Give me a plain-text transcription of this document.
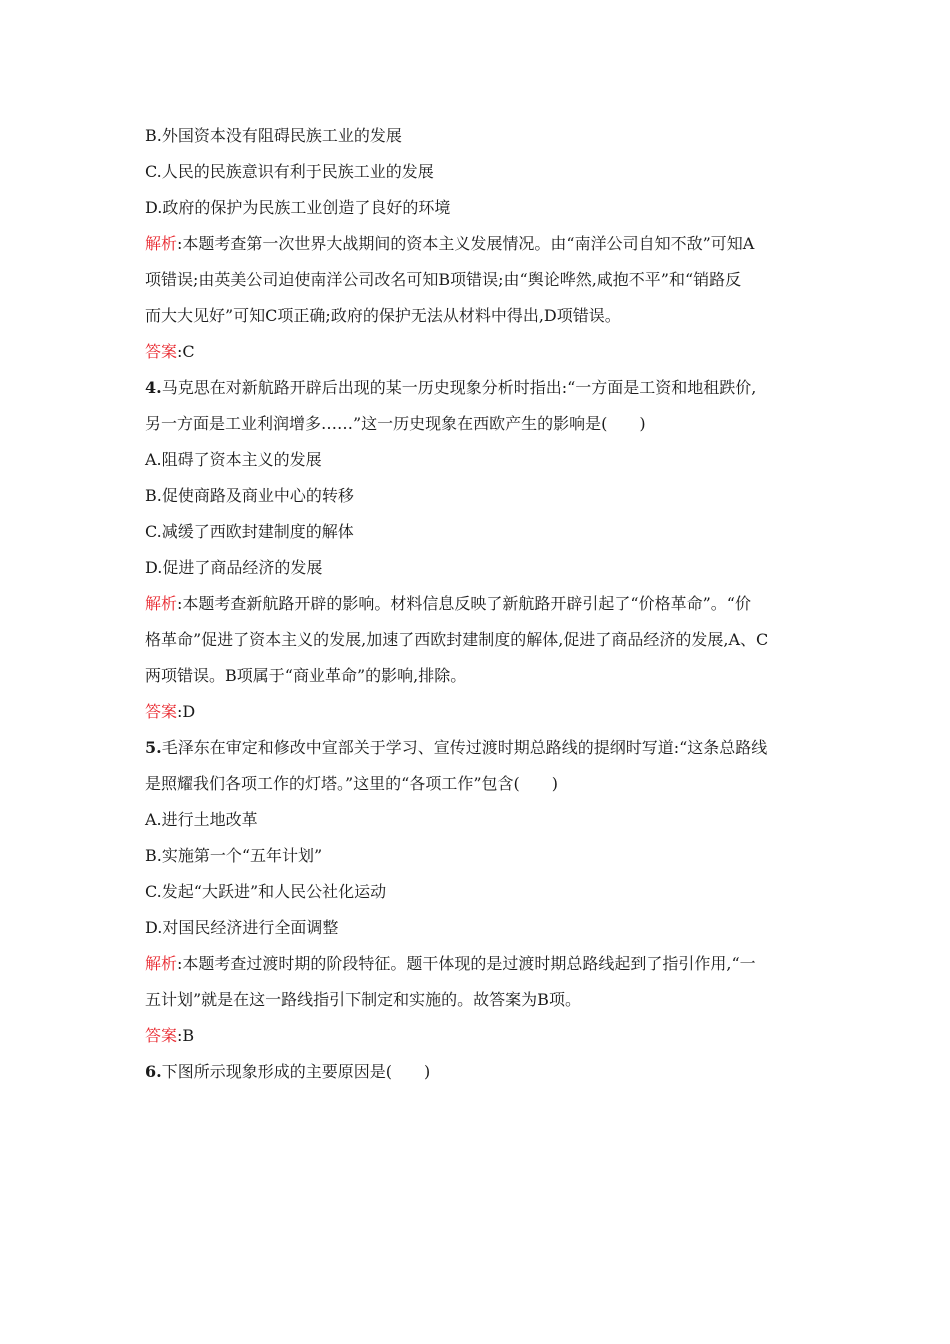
B.外国资本没有阻碍民族工业的发展
C.人民的民族意识有利于民族工业的发展
D.政府的保护为民族工业创造了良好的环境
解析:本题考查第一次世界大战期间的资本主义发展情况。由“南洋公司自知不敌”可知A
项错误;由英美公司迫使南洋公司改名可知B项错误;由“舆论哗然,咸抱不平”和“销路反
而大大见好”可知C项正确;政府的保护无法从材料中得出,D项错误。
答案:C
4.马克思在对新航路开辟后出现的某一历史现象分析时指出:“一方面是工资和地租跌价,
另一方面是工业利润增多……”这一历史现象在西欧产生的影响是(　　)
A.阻碍了资本主义的发展
B.促使商路及商业中心的转移
C.减缓了西欧封建制度的解体
D.促进了商品经济的发展
解析:本题考查新航路开辟的影响。材料信息反映了新航路开辟引起了“价格革命”。“价
格革命”促进了资本主义的发展,加速了西欧封建制度的解体,促进了商品经济的发展,A、C
两项错误。B项属于“商业革命”的影响,排除。
答案:D
5.毛泽东在审定和修改中宣部关于学习、宣传过渡时期总路线的提纲时写道:“这条总路线
是照耀我们各项工作的灯塔。”这里的“各项工作”包含(　　)
A.进行土地改革
B.实施第一个“五年计划”
C.发起“大跃进”和人民公社化运动
D.对国民经济进行全面调整
解析:本题考查过渡时期的阶段特征。题干体现的是过渡时期总路线起到了指引作用,“一
五计划”就是在这一路线指引下制定和实施的。故答案为B项。
答案:B
6.下图所示现象形成的主要原因是(　　)
